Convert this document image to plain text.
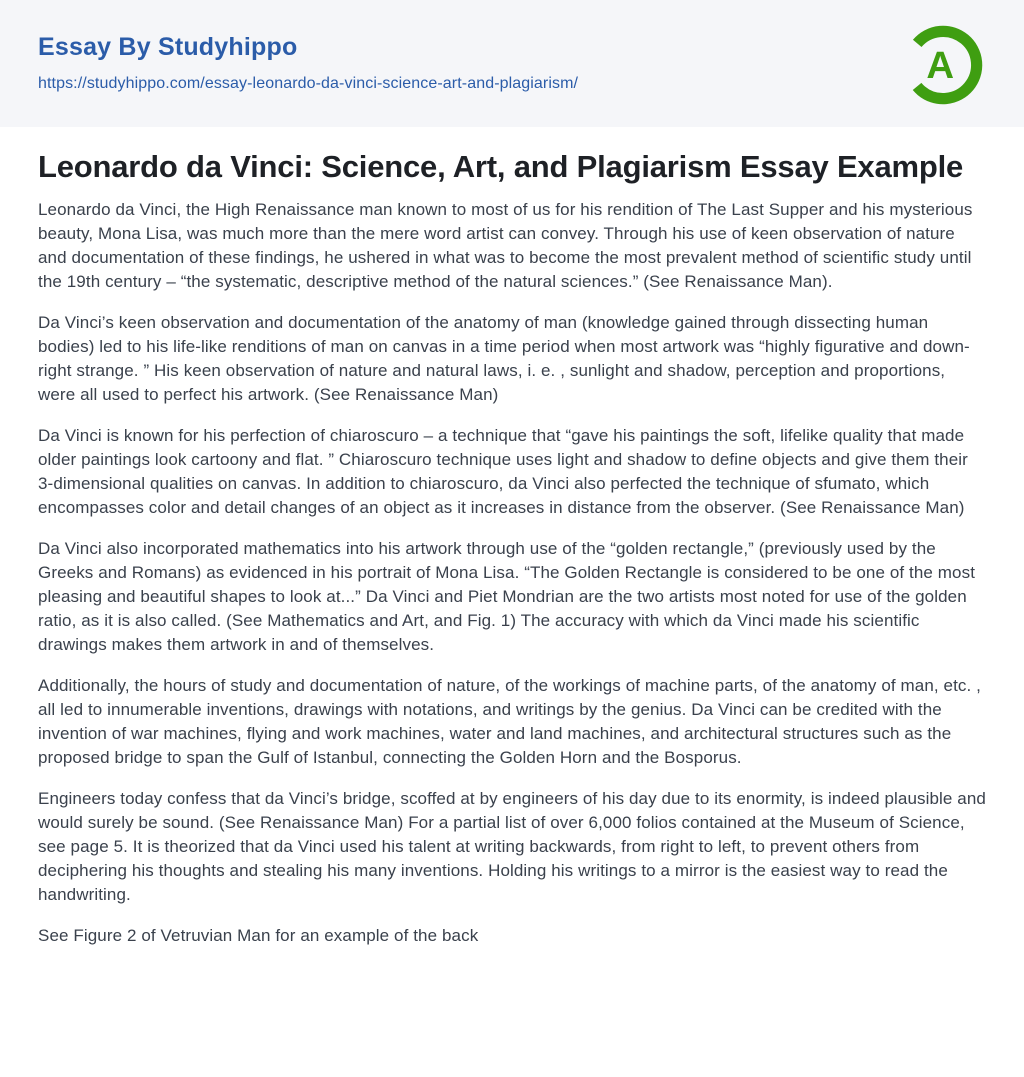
Essay By Studyhippo
https://studyhippo.com/essay-leonardo-da-vinci-science-art-and-plagiarism/	A
Leonardo da Vinci: Science, Art, and Plagiarism Essay Example

Leonardo da Vinci, the High Renaissance man known to most of us for his rendition of The Last Supper and his mysterious beauty, Mona Lisa, was much more than the mere word artist can convey. Through his use of keen observation of nature and documentation of these findings, he ushered in what was to become the most prevalent method of scientific study until the 19th century – “the systematic, descriptive method of the natural sciences.” (See Renaissance Man).

Da Vinci’s keen observation and documentation of the anatomy of man (knowledge gained through dissecting human bodies) led to his life-like renditions of man on canvas in a time period when most artwork was “highly figurative and down-right strange. ” His keen observation of nature and natural laws, i. e. , sunlight and shadow, perception and proportions, were all used to perfect his artwork. (See Renaissance Man)

Da Vinci is known for his perfection of chiaroscuro – a technique that “gave his paintings the soft, lifelike quality that made older paintings look cartoony and flat. ” Chiaroscuro technique uses light and shadow to define objects and give them their 3-dimensional qualities on canvas. In addition to chiaroscuro, da Vinci also perfected the technique of sfumato, which encompasses color and detail changes of an object as it increases in distance from the observer. (See Renaissance Man)

Da Vinci also incorporated mathematics into his artwork through use of the “golden rectangle,” (previously used by the Greeks and Romans) as evidenced in his portrait of Mona Lisa. “The Golden Rectangle is considered to be one of the most pleasing and beautiful shapes to look at...” Da Vinci and Piet Mondrian are the two artists most noted for use of the golden ratio, as it is also called. (See Mathematics and Art, and Fig. 1) The accuracy with which da Vinci made his scientific drawings makes them artwork in and of themselves.

Additionally, the hours of study and documentation of nature, of the workings of machine parts, of the anatomy of man, etc. , all led to innumerable inventions, drawings with notations, and writings by the genius. Da Vinci can be credited with the invention of war machines, flying and work machines, water and land machines, and architectural structures such as the proposed bridge to span the Gulf of Istanbul, connecting the Golden Horn and the Bosporus.

Engineers today confess that da Vinci’s bridge, scoffed at by engineers of his day due to its enormity, is indeed plausible and would surely be sound. (See Renaissance Man) For a partial list of over 6,000 folios contained at the Museum of Science, see page 5. It is theorized that da Vinci used his talent at writing backwards, from right to left, to prevent others from deciphering his thoughts and stealing his many inventions. Holding his writings to a mirror is the easiest way to read the handwriting.

See Figure 2 of Vetruvian Man for an example of the back
